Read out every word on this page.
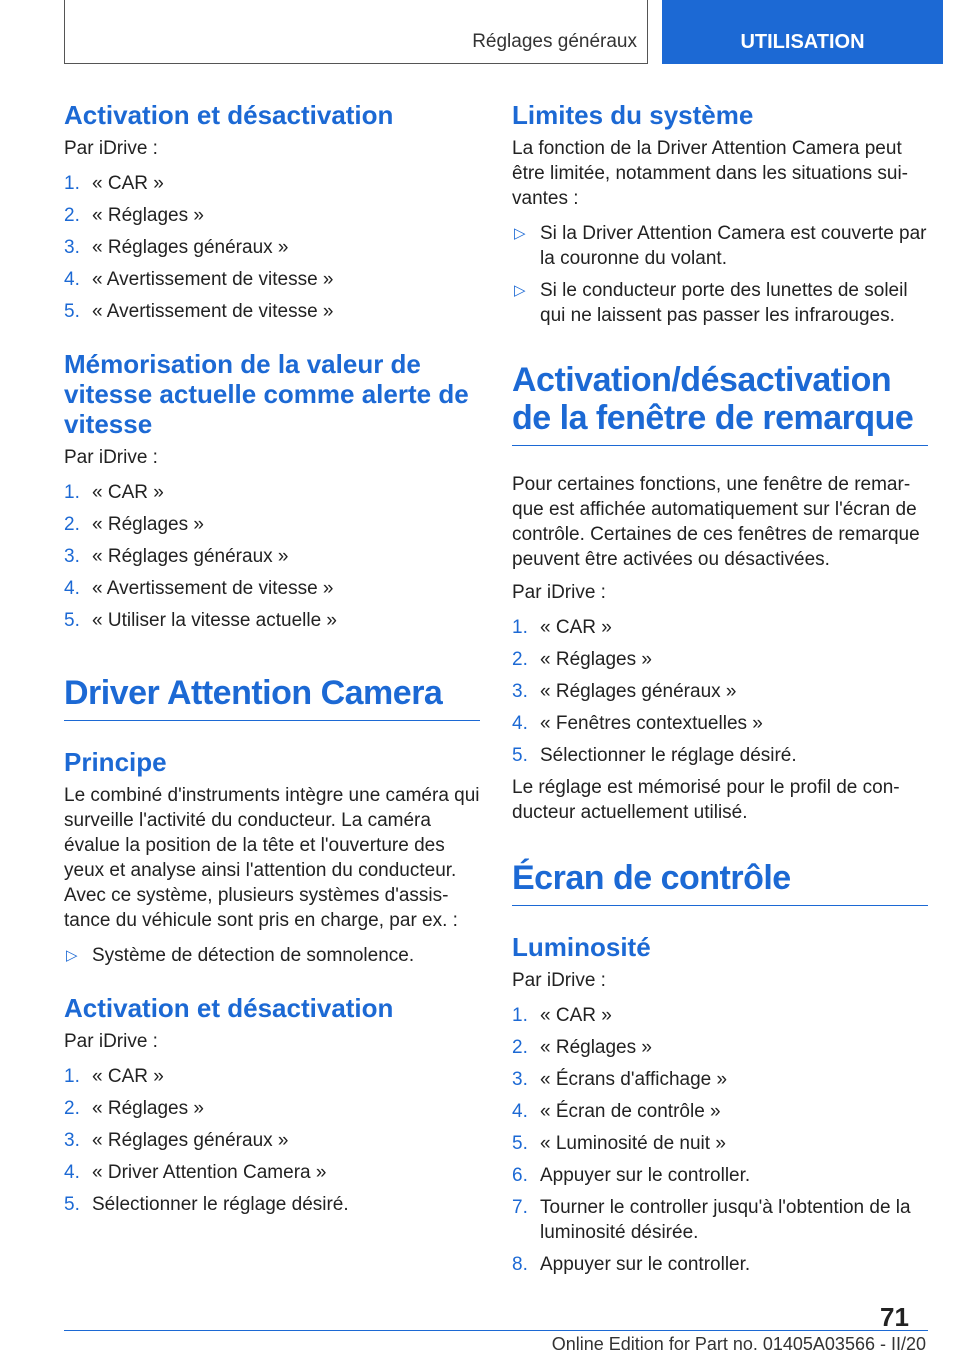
Réglages généraux	UTILISATION
Activation et désactivation

Par iDrive :

1. « CAR »
2. « Réglages »
3. « Réglages généraux »
4. « Avertissement de vitesse »
5. « Avertissement de vitesse »
Mémorisation de la valeur de vitesse actuelle comme alerte de vitesse

Par iDrive :

1. « CAR »
2. « Réglages »
3. « Réglages généraux »
4. « Avertissement de vitesse »
5. « Utiliser la vitesse actuelle »
Driver Attention Camera
Principe

Le combiné d'instruments intègre une caméra qui surveille l'activité du conducteur. La caméra évalue la position de la tête et l'ouverture des yeux et analyse ainsi l'attention du conducteur. Avec ce système, plusieurs systèmes d'assis-tance du véhicule sont pris en charge, par ex. :

▷ Système de détection de somnolence.
Activation et désactivation

Par iDrive :

1. « CAR »
2. « Réglages »
3. « Réglages généraux »
4. « Driver Attention Camera »
5. Sélectionner le réglage désiré.
Limites du système

La fonction de la Driver Attention Camera peut être limitée, notamment dans les situations sui-vantes :

▷ Si la Driver Attention Camera est couverte par la couronne du volant.
▷ Si le conducteur porte des lunettes de soleil qui ne laissent pas passer les infrarouges.
Activation/désactivation de la fenêtre de remarque

Pour certaines fonctions, une fenêtre de remar-que est affichée automatiquement sur l'écran de contrôle. Certaines de ces fenêtres de remarque peuvent être activées ou désactivées.

Par iDrive :

1. « CAR »
2. « Réglages »
3. « Réglages généraux »
4. « Fenêtres contextuelles »
5. Sélectionner le réglage désiré.

Le réglage est mémorisé pour le profil de con-ducteur actuellement utilisé.

Écran de contrôle
Luminosité

Par iDrive :

1. « CAR »
2. « Réglages »
3. « Écrans d'affichage »
4. « Écran de contrôle »
5. « Luminosité de nuit »
6. Appuyer sur le controller.
7. Tourner le controller jusqu'à l'obtention de la luminosité désirée.
8. Appuyer sur le controller.
71
Online Edition for Part no. 01405A03566 - II/20
